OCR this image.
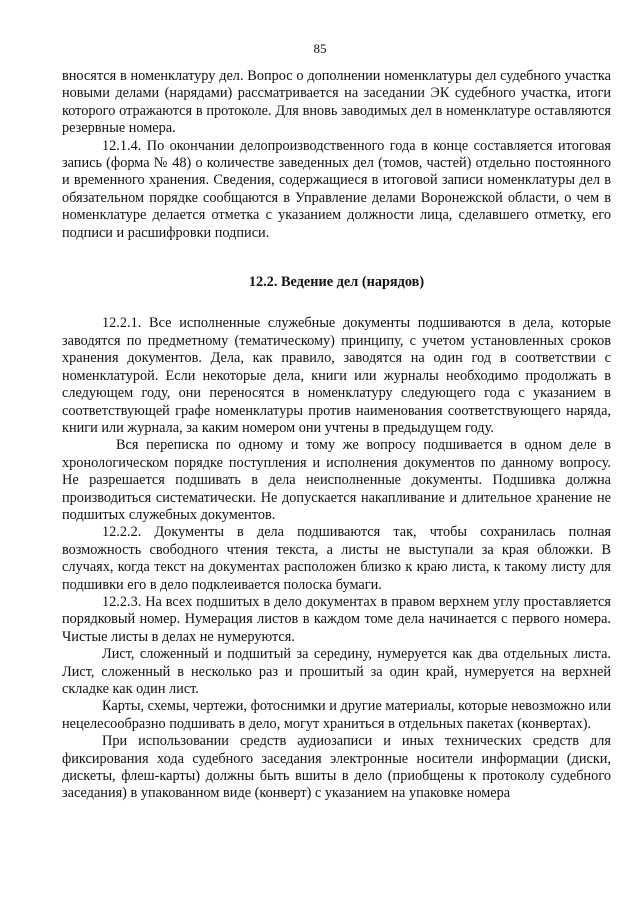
85

вносятся в номенклатуру дел. Вопрос о дополнении номенклатуры дел судебного участка новыми делами (нарядами) рассматривается на заседании ЭК судебного участка, итоги которого отражаются в протоколе. Для вновь заводимых дел в номенклатуре оставляются резервные номера.

12.1.4. По окончании делопроизводственного года в конце составляется итоговая запись (форма № 48) о количестве заведенных дел (томов, частей) отдельно постоянного и временного хранения. Сведения, содержащиеся в итоговой записи номенклатуры дел в обязательном порядке сообщаются в Управление делами Воронежской области, о чем в номенклатуре делается отметка с указанием должности лица, сделавшего отметку, его подписи и расшифровки подписи.

12.2. Ведение дел (нарядов)

12.2.1. Все исполненные служебные документы подшиваются в дела, которые заводятся по предметному (тематическому) принципу, с учетом установленных сроков хранения документов. Дела, как правило, заводятся на один год в соответствии с номенклатурой. Если некоторые дела, книги или журналы необходимо продолжать в следующем году, они переносятся в номенклатуру следующего года с указанием в соответствующей графе номенклатуры против наименования соответствующего наряда, книги или журнала, за каким номером они учтены в предыдущем году.

Вся переписка по одному и тому же вопросу подшивается в одном деле в хронологическом порядке поступления и исполнения документов по данному вопросу. Не разрешается подшивать в дела неисполненные документы. Подшивка должна производиться систематически. Не допускается накапливание и длительное хранение не подшитых служебных документов.

12.2.2. Документы в дела подшиваются так, чтобы сохранилась полная возможность свободного чтения текста, а листы не выступали за края обложки. В случаях, когда текст на документах расположен близко к краю листа, к такому листу для подшивки его в дело подклеивается полоска бумаги.

12.2.3. На всех подшитых в дело документах в правом верхнем углу проставляется порядковый номер. Нумерация листов в каждом томе дела начинается с первого номера. Чистые листы в делах не нумеруются.

Лист, сложенный и подшитый за середину, нумеруется как два отдельных листа. Лист, сложенный в несколько раз и прошитый за один край, нумеруется на верхней складке как один лист.

Карты, схемы, чертежи, фотоснимки и другие материалы, которые невозможно или нецелесообразно подшивать в дело, могут храниться в отдельных пакетах (конвертах).

При использовании средств аудиозаписи и иных технических средств для фиксирования хода судебного заседания электронные носители информации (диски, дискеты, флеш-карты) должны быть вшиты в дело (приобщены к протоколу судебного заседания) в упакованном виде (конверт) с указанием на упаковке номера
